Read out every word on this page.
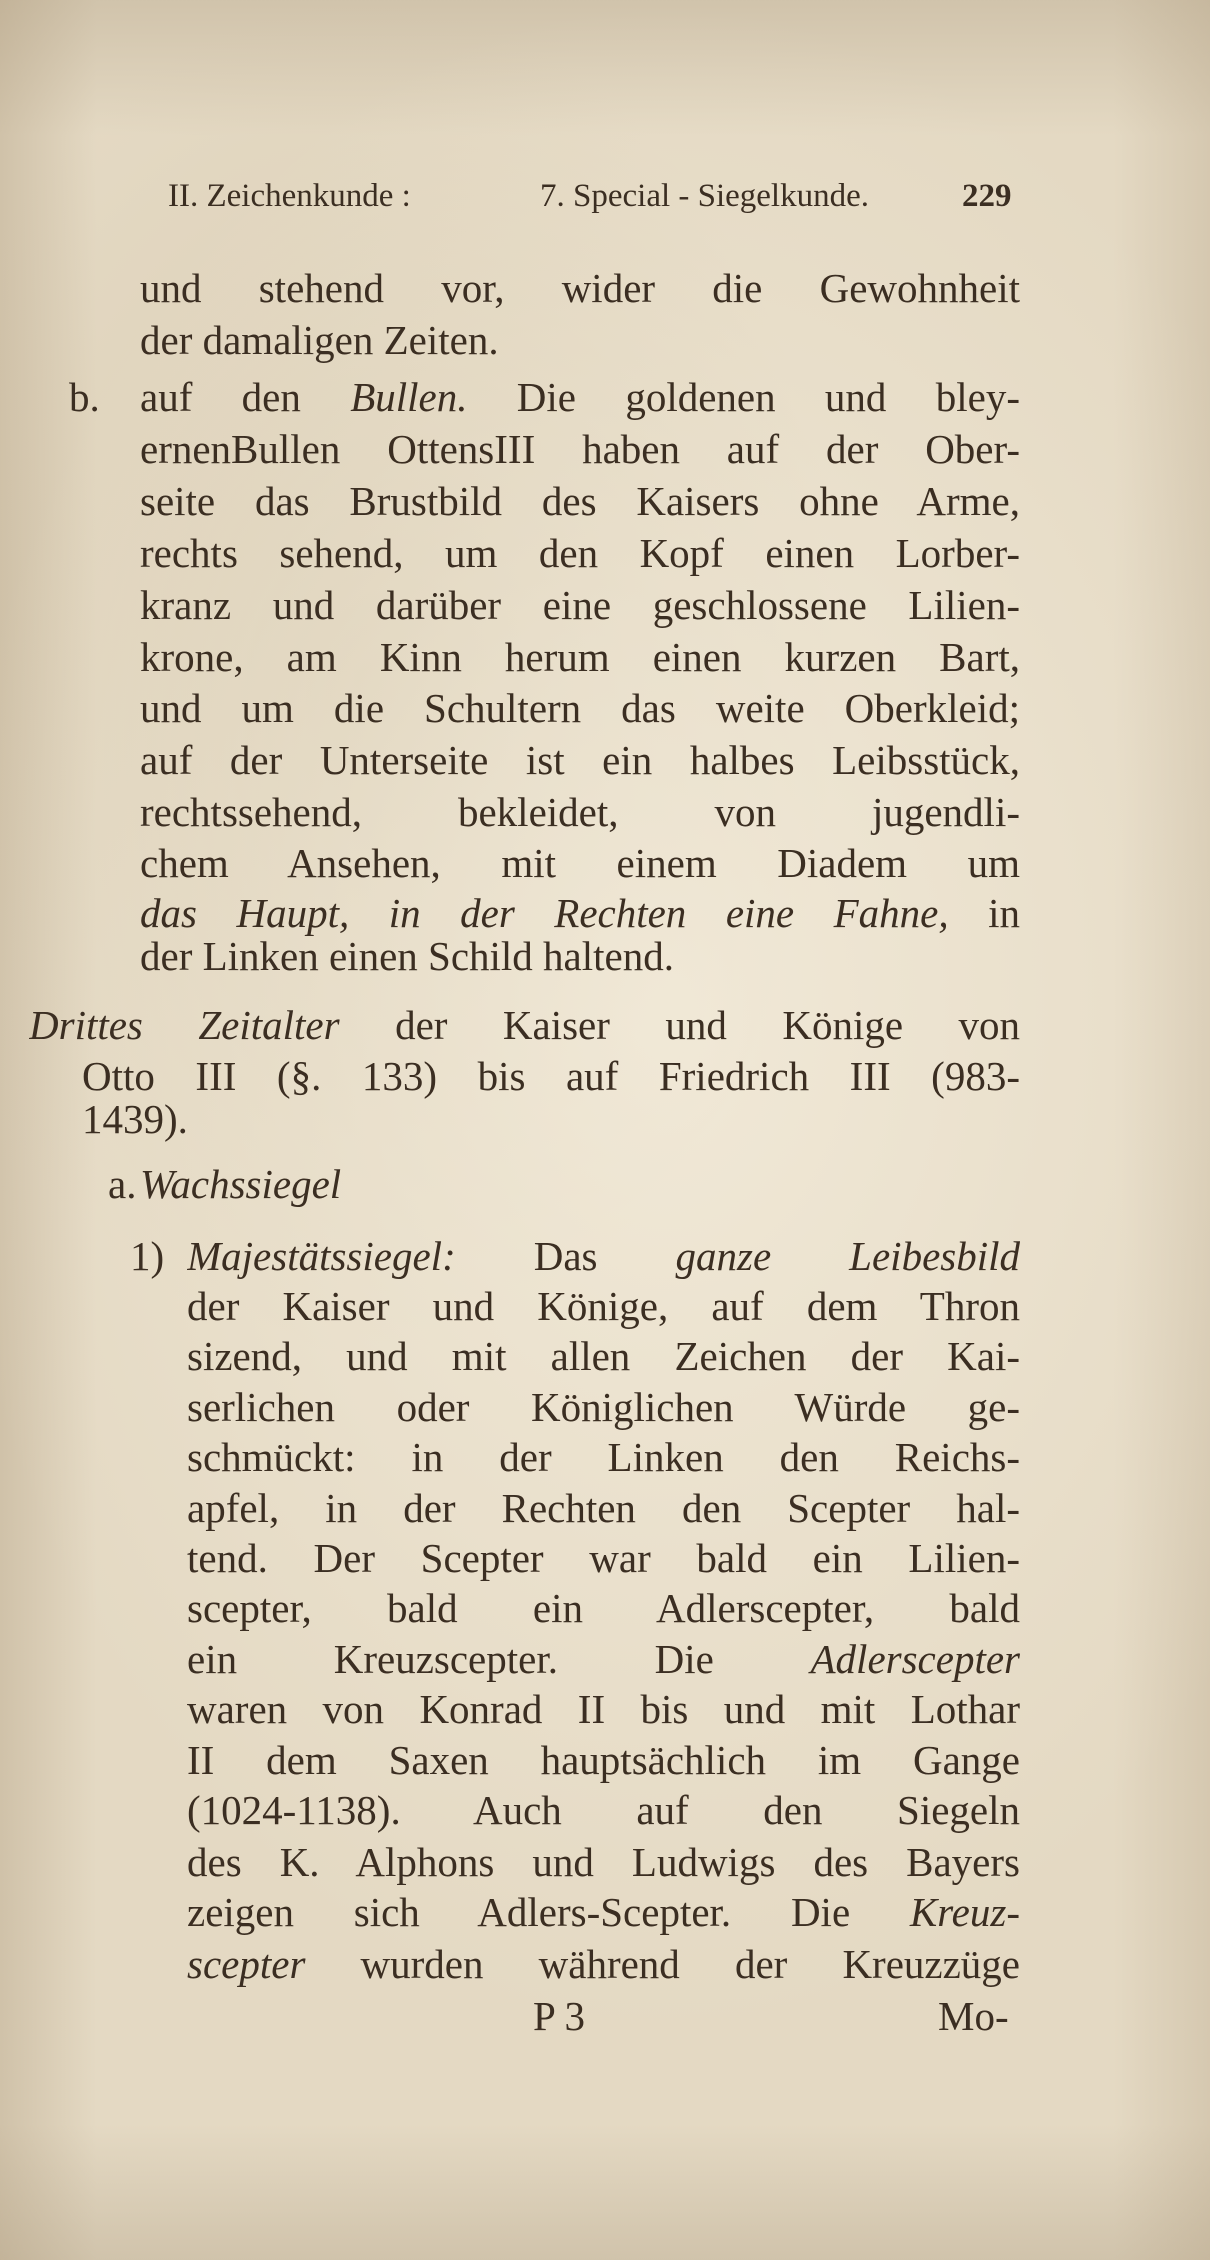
II. Zeichenkunde :	7. Special - Siegelkunde.	229
und stehend vor, wider die Gewohnheit
der damaligen Zeiten.
b. auf den Bullen. Die goldenen und bley-
ernenBullen OttensIII haben auf der Ober-
seite das Brustbild des Kaisers ohne Arme,
rechts sehend, um den Kopf einen Lorber-
kranz und darüber eine geschlossene Lilien-
krone, am Kinn herum einen kurzen Bart,
und um die Schultern das weite Oberkleid;
auf der Unterseite ist ein halbes Leibsstück,
rechtssehend, bekleidet, von jugendli-
chem Ansehen, mit einem Diadem um
das Haupt, in der Rechten eine Fahne, in
der Linken einen Schild haltend.
Drittes Zeitalter der Kaiser und Könige von
Otto III (§. 133) bis auf Friedrich III (983-
1439).
a. Wachssiegel
1) Majestätssiegel: Das ganze Leibesbild
der Kaiser und Könige, auf dem Thron
sizend, und mit allen Zeichen der Kai-
serlichen oder Königlichen Würde ge-
schmückt: in der Linken den Reichs-
apfel, in der Rechten den Scepter hal-
tend. Der Scepter war bald ein Lilien-
scepter, bald ein Adlerscepter, bald
ein Kreuzscepter. Die Adlerscepter
waren von Konrad II bis und mit Lothar
II dem Saxen hauptsächlich im Gange
(1024-1138). Auch auf den Siegeln
des K. Alphons und Ludwigs des Bayers
zeigen sich Adlers-Scepter. Die Kreuz-
scepter wurden während der Kreuzzüge
P 3	Mo-
